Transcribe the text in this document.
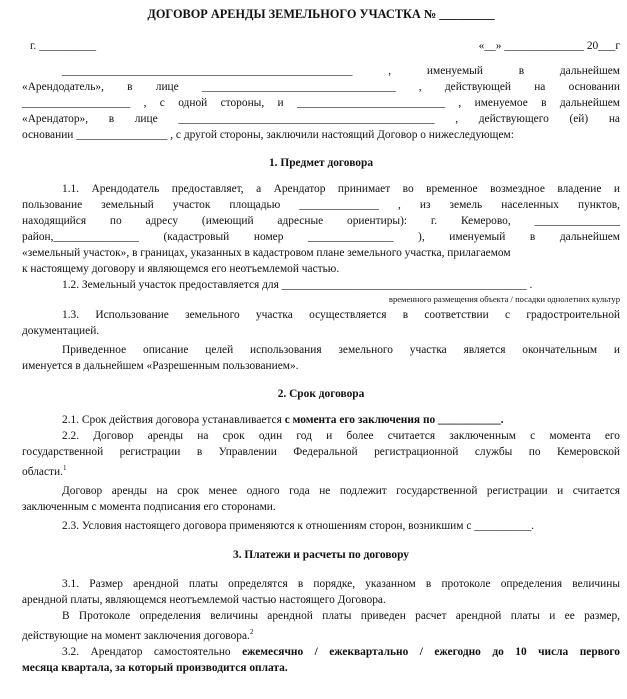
ДОГОВОР АРЕНДЫ ЗЕМЕЛЬНОГО УЧАСТКА № _________
г. __________	«__» ______________ 20___г
___________________________________________________ , именуемый в дальнейшем
«Арендодатель», в лице __________________________________ , действующей на основании
___________________ , с одной стороны, и __________________________ , именуемое в дальнейшем
«Арендатор», в лице _____________________________________________ , действующего (ей) на
основании ________________ , с другой стороны, заключили настоящий Договор о нижеследующем:
1. Предмет договора
1.1. Арендодатель предоставляет, а Арендатор принимает во временное возмездное владение и
пользование земельный участок площадью ______________ , из земель населенных пунктов,
находящийся по адресу (имеющий адресные ориентиры): г. Кемерово, _______________
район,_______________ (кадастровый номер _______________ ), именуемый в дальнейшем
«земельный участок», в границах, указанных в кадастровом плане земельного участка, прилагаемом
к настоящему договору и являющемся его неотъемлемой частью.
1.2. Земельный участок предоставляется для ___________________________________________ .
временного размещения объекта / посадки однолетних культур
1.3. Использование земельного участка осуществляется в соответствии с градостроительной
документацией.
Приведенное описание целей использования земельного участка является окончательным и
именуется в дальнейшем «Разрешенным пользованием».
2. Срок договора
2.1. Срок действия договора устанавливается с момента его заключения по ___________.
2.2. Договор аренды на срок один год и более считается заключенным с момента его
государственной регистрации в Управлении Федеральной регистрационной службы по Кемеровской
области.$^1$
Договор аренды на срок менее одного года не подлежит государственной регистрации и считается
заключенным с момента подписания его сторонами.
2.3. Условия настоящего договора применяются к отношениям сторон, возникшим с __________.
3. Платежи и расчеты по договору
3.1. Размер арендной платы определятся в порядке, указанном в протоколе определения величины
арендной платы, являющемся неотъемлемой частью настоящего Договора.
В Протоколе определения величины арендной платы приведен расчет арендной платы и ее размер,
действующие на момент заключения договора.$^2$
3.2. Арендатор самостоятельно ежемесячно / ежеквартально / ежегодно до 10 числа первого
месяца квартала, за который производится оплата.
